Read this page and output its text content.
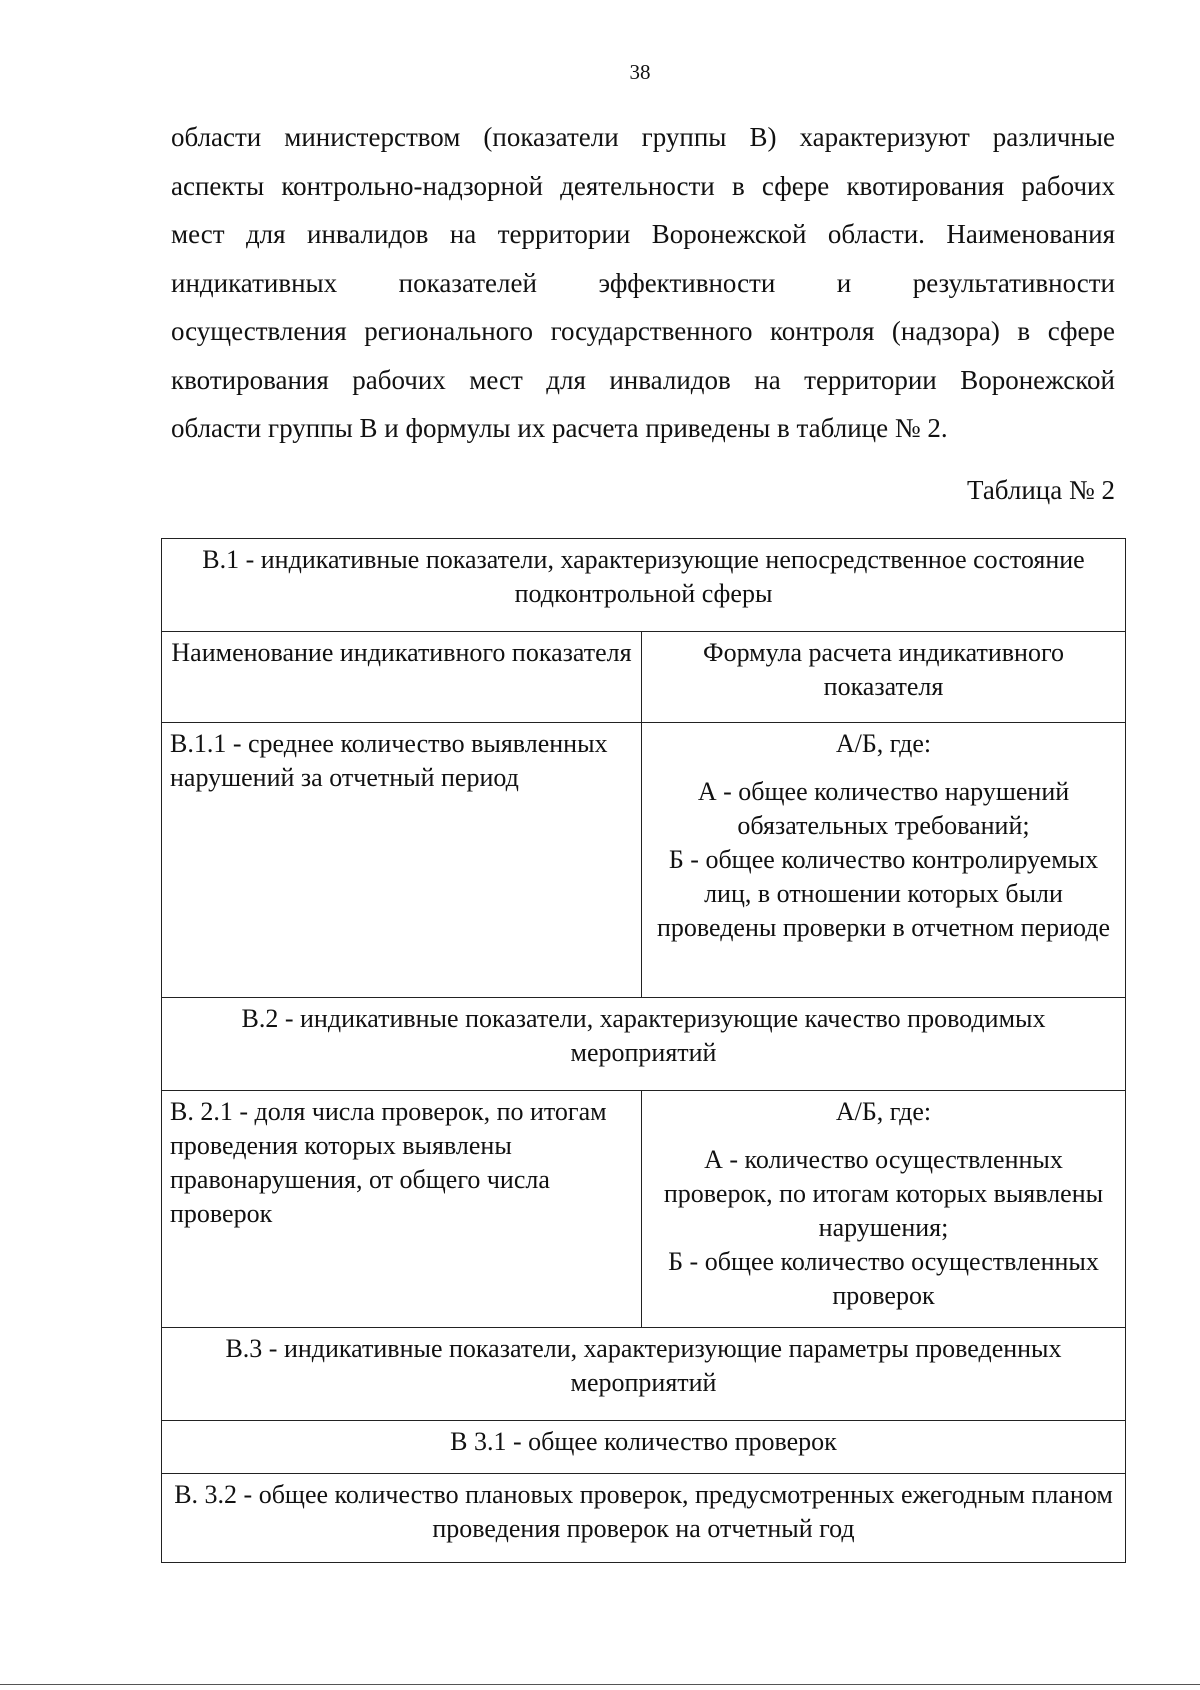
38
области министерством (показатели группы В) характеризуют различные
аспекты контрольно-надзорной деятельности в сфере квотирования рабочих
мест для инвалидов на территории Воронежской области. Наименования
индикативных показателей эффективности и результативности
осуществления регионального государственного контроля (надзора) в сфере
квотирования рабочих мест для инвалидов на территории Воронежской
области группы В и формулы их расчета приведены в таблице № 2.
Таблица № 2
В.1 - индикативные показатели, характеризующие непосредственное состояние подконтрольной сферы	
Наименование индикативного показателя	Формула расчета индикативного показателя
В.1.1 - среднее количество выявленных нарушений за отчетный период	А/Б, где:
А - общее количество нарушений обязательных требований;
Б - общее количество контролируемых лиц, в отношении которых были проведены проверки в отчетном периоде

В.2 - индикативные показатели, характеризующие качество проводимых мероприятий	
В. 2.1 - доля числа проверок, по итогам проведения которых выявлены правонарушения, от общего числа проверок	А/Б, где:
А - количество осуществленных проверок, по итогам которых выявлены нарушения;
Б - общее количество осуществленных проверок

В.3 - индикативные показатели, характеризующие параметры проведенных мероприятий	
В 3.1 - общее количество проверок	
В. 3.2 - общее количество плановых проверок, предусмотренных ежегодным планом проведения проверок на отчетный год	
